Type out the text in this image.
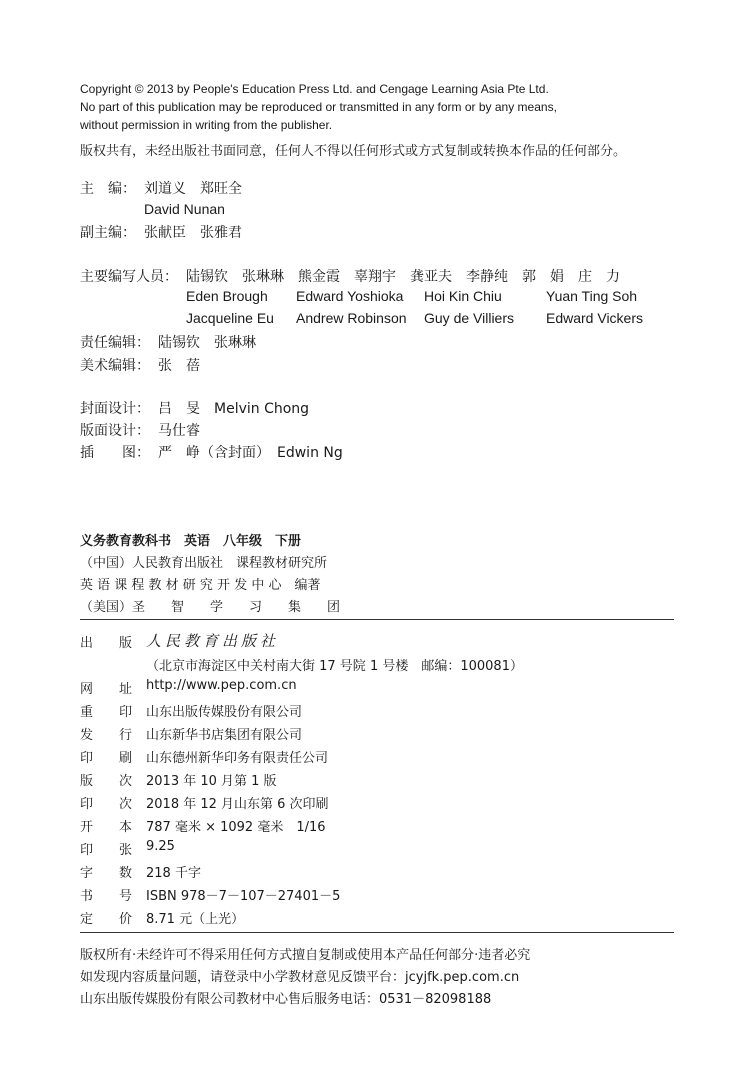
Copyright © 2013 by People's Education Press Ltd. and Cengage Learning Asia Pte Ltd.
No part of this publication may be reproduced or transmitted in any form or by any means,
without permission in writing from the publisher.
版权共有，未经出版社书面同意，任何人不得以任何形式或方式复制或转换本作品的任何部分。
主　编： 刘道义　郑旺全
David Nunan
副主编： 张献臣　张雅君
主要编写人员： 陆锡钦　张琳琳　熊金霞　辜翔宇　龚亚夫　李静纯　郭　娟　庄　力
Eden Brough Edward Yoshioka Hoi Kin Chiu	Yuan Ting Soh
Jacqueline Eu Andrew Robinson Guy de Villiers Edward Vickers
责任编辑： 陆锡钦　张琳琳
美术编辑： 张　蓓
封面设计： 吕　旻　Melvin Chong
版面设计： 马仕睿
插　　图： 严　峥（含封面）　Edwin Ng
义务教育教科书　英语　八年级　下册
（中国）人民教育出版社　课程教材研究所
英 语 课 程 教 材 研 究 开 发 中 心　编著
（美国）圣　　智　　学　　习　　集　　团
出　　版 人民教育出版社
（北京市海淀区中关村南大街 17 号院 1 号楼　邮编：100081）
网　　址 http://www.pep.com.cn
重　　印 山东出版传媒股份有限公司
发　　行 山东新华书店集团有限公司
印　　刷 山东德州新华印务有限责任公司
版　　次 2013 年 10 月第 1 版
印　　次 2018 年 12 月山东第 6 次印刷
开　　本 787 毫米 × 1092 毫米　1/16
印　　张 9.25
字　　数 218 千字
书　　号 ISBN 978－7－107－27401－5
定　　价 8.71 元（上光）
版权所有·未经许可不得采用任何方式擅自复制或使用本产品任何部分·违者必究
如发现内容质量问题，请登录中小学教材意见反馈平台：jcyjfk.pep.com.cn
山东出版传媒股份有限公司教材中心售后服务电话：0531－82098188
